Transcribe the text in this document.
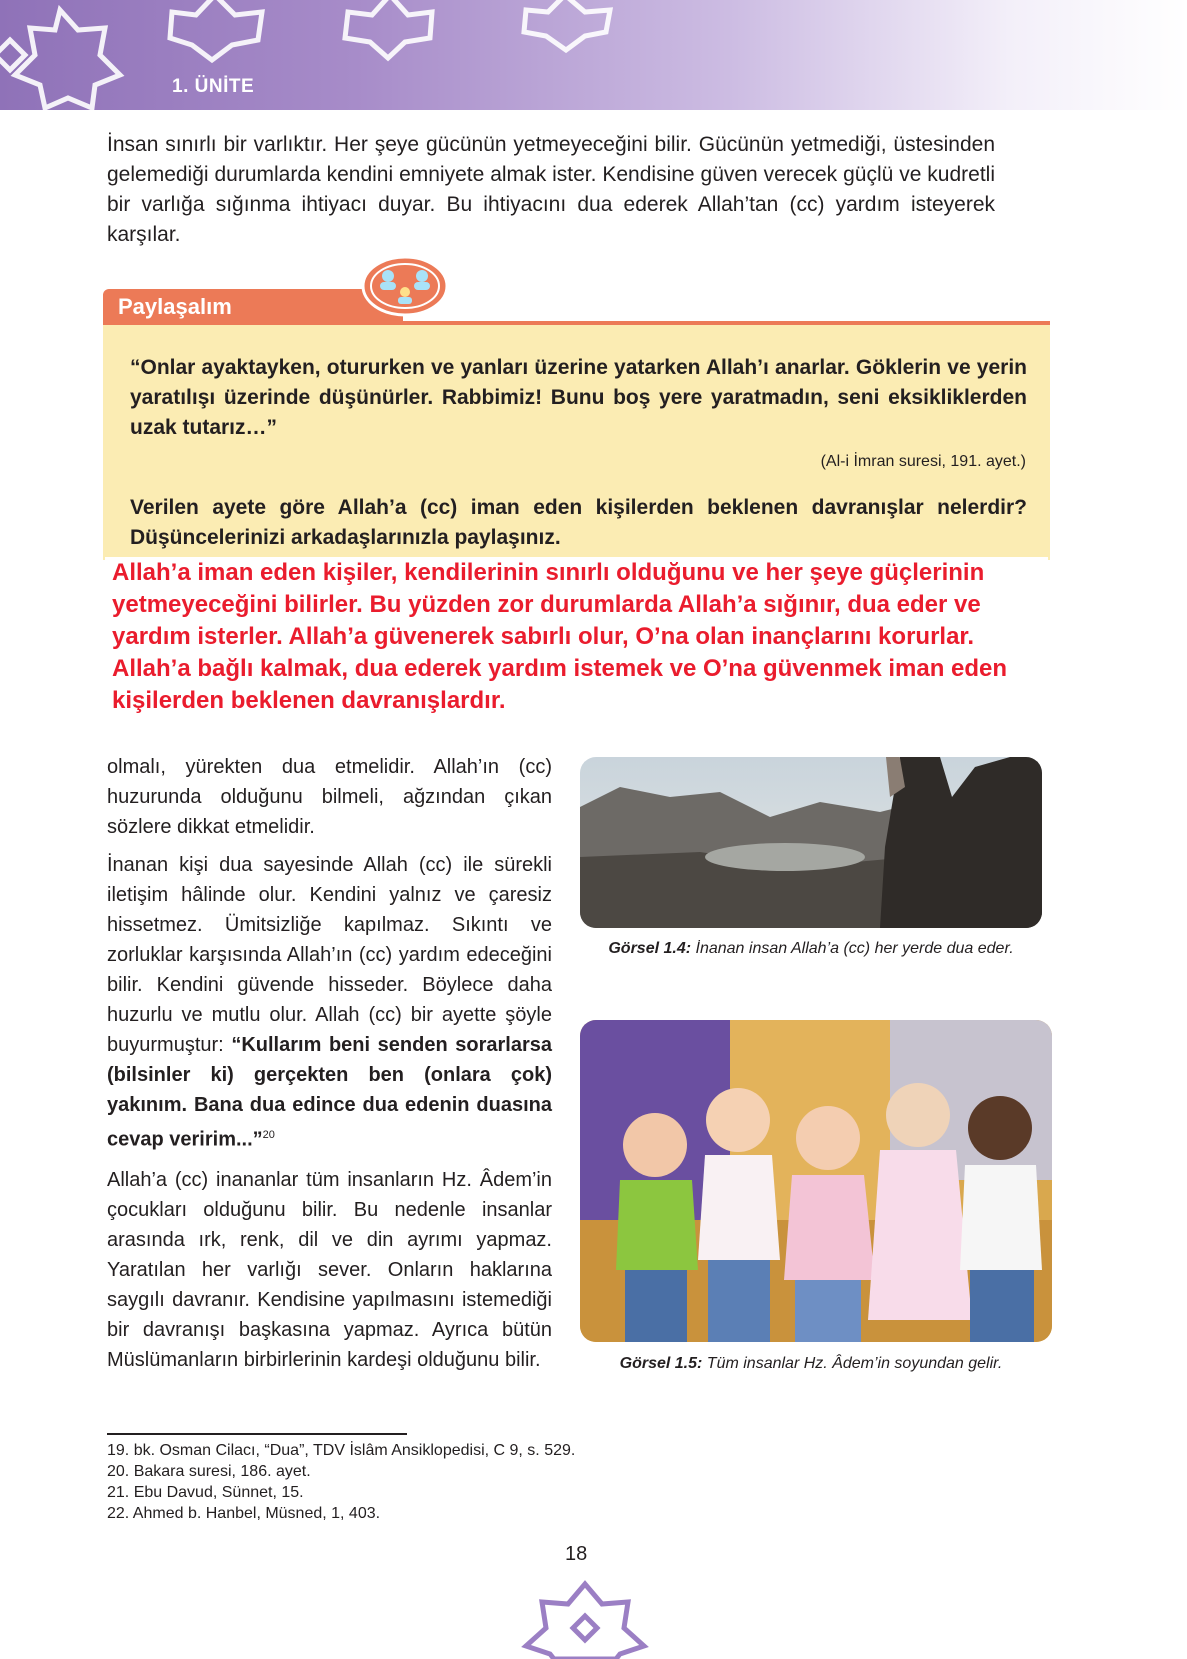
1. ÜNİTE

İnsan sınırlı bir varlıktır. Her şeye gücünün yetmeyeceğini bilir. Gücünün yetmediği, üstesinden gelemediği durumlarda kendini emniyete almak ister. Kendisine güven verecek güçlü ve kudretli bir varlığa sığınma ihtiyacı duyar. Bu ihtiyacını dua ederek Allah’tan (cc) yardım isteyerek karşılar.

Paylaşalım
“Onlar ayaktayken, otururken ve yanları üzerine yatarken Allah’ı anarlar. Göklerin ve yerin yaratılışı üzerinde düşünürler. Rabbimiz! Bunu boş yere yaratmadın, seni eksikliklerden uzak tutarız…”
(Al-i İmran suresi, 191. ayet.)
Verilen ayete göre Allah’a (cc) iman eden kişilerden beklenen davranışlar nelerdir? Düşüncelerinizi arkadaşlarınızla paylaşınız.
Allah’a iman eden kişiler, kendilerinin sınırlı olduğunu ve her şeye güçlerinin yetmeyeceğini bilirler. Bu yüzden zor durumlarda Allah’a sığınır, dua eder ve yardım isterler. Allah’a güvenerek sabırlı olur, O’na olan inançlarını korurlar. Allah’a bağlı kalmak, dua ederek yardım istemek ve O’na güvenmek iman eden kişilerden beklenen davranışlardır.

olmalı, yürekten dua etmelidir. Allah’ın (cc) huzurunda olduğunu bilmeli, ağzından çıkan sözlere dikkat etmelidir.

İnanan kişi dua sayesinde Allah (cc) ile sürekli iletişim hâlinde olur. Kendini yalnız ve çaresiz hissetmez. Ümitsizliğe kapılmaz. Sıkıntı ve zorluklar karşısında Allah’ın (cc) yardım edeceğini bilir. Kendini güvende hisseder. Böylece daha huzurlu ve mutlu olur. Allah (cc) bir ayette şöyle buyurmuştur: “Kullarım beni senden sorarlarsa (bilsinler ki) gerçekten ben (onlara çok) yakınım. Bana dua edince dua edenin duasına cevap veririm...”$^{20}$

Allah’a (cc) inananlar tüm insanların Hz. Âdem’in çocukları olduğunu bilir. Bu nedenle insanlar arasında ırk, renk, dil ve din ayrımı yapmaz. Yaratılan her varlığı sever. Onların haklarına saygılı davranır. Kendisine yapılmasını istemediği bir davranışı başkasına yapmaz. Ayrıca bütün Müslümanların birbirlerinin kardeşi olduğunu bilir.

Görsel 1.4: İnanan insan Allah’a (cc) her yerde dua eder.
Görsel 1.5: Tüm insanlar Hz. Âdem’in soyundan gelir.
19. bk. Osman Cilacı, “Dua”, TDV İslâm Ansiklopedisi, C 9, s. 529.
20. Bakara suresi, 186. ayet.
21. Ebu Davud, Sünnet, 15.
22. Ahmed b. Hanbel, Müsned, 1, 403.
18
